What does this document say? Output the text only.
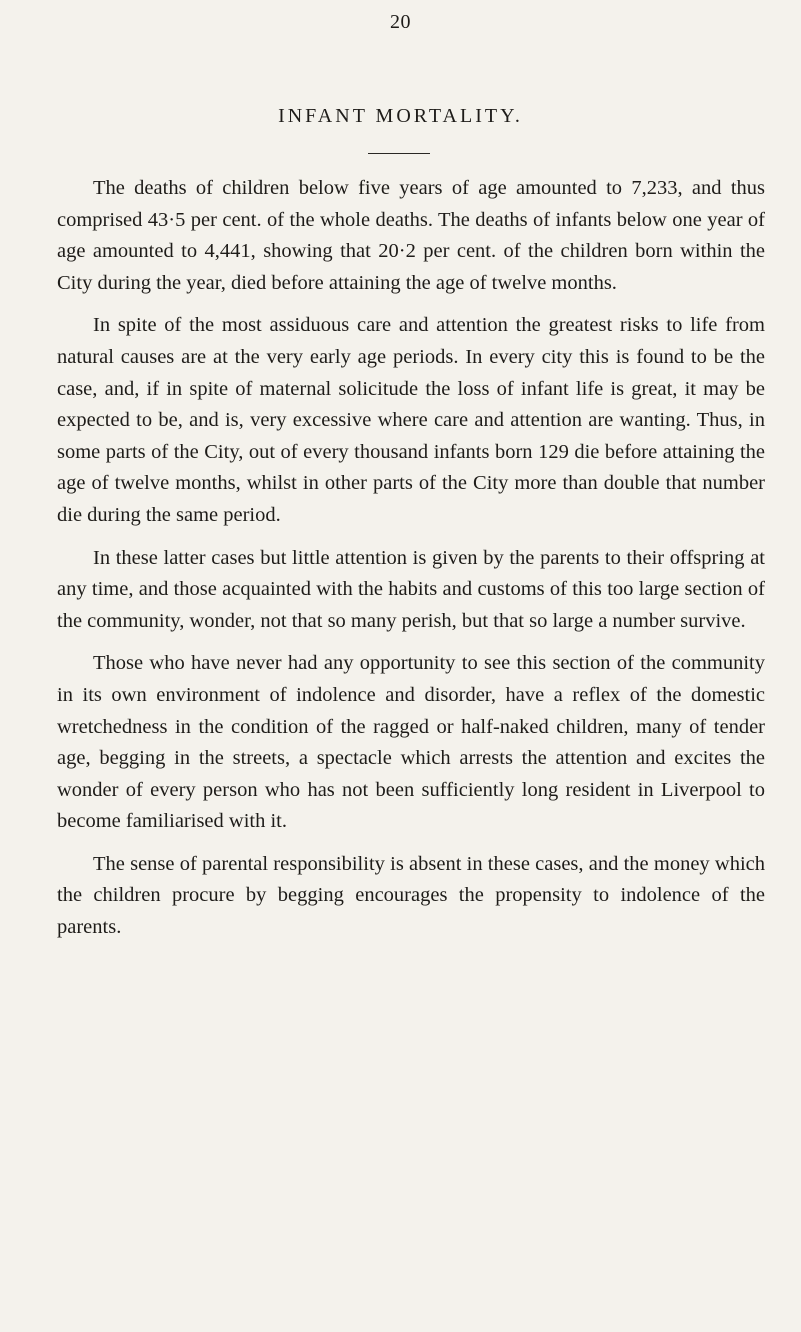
20
INFANT MORTALITY.

The deaths of children below five years of age amounted to 7,233, and thus comprised 43·5 per cent. of the whole deaths. The deaths of infants below one year of age amounted to 4,441, showing that 20·2 per cent. of the children born within the City during the year, died before attaining the age of twelve months.

In spite of the most assiduous care and attention the greatest risks to life from natural causes are at the very early age periods. In every city this is found to be the case, and, if in spite of maternal solicitude the loss of infant life is great, it may be expected to be, and is, very excessive where care and attention are wanting. Thus, in some parts of the City, out of every thousand infants born 129 die before attaining the age of twelve months, whilst in other parts of the City more than double that number die during the same period.

In these latter cases but little attention is given by the parents to their offspring at any time, and those acquainted with the habits and customs of this too large section of the community, wonder, not that so many perish, but that so large a number survive.

Those who have never had any opportunity to see this section of the community in its own environment of indolence and disorder, have a reflex of the domestic wretchedness in the condition of the ragged or half-naked children, many of tender age, begging in the streets, a spectacle which arrests the attention and excites the wonder of every person who has not been sufficiently long resident in Liverpool to become familiarised with it.

The sense of parental responsibility is absent in these cases, and the money which the children procure by begging encourages the propensity to indolence of the parents.
